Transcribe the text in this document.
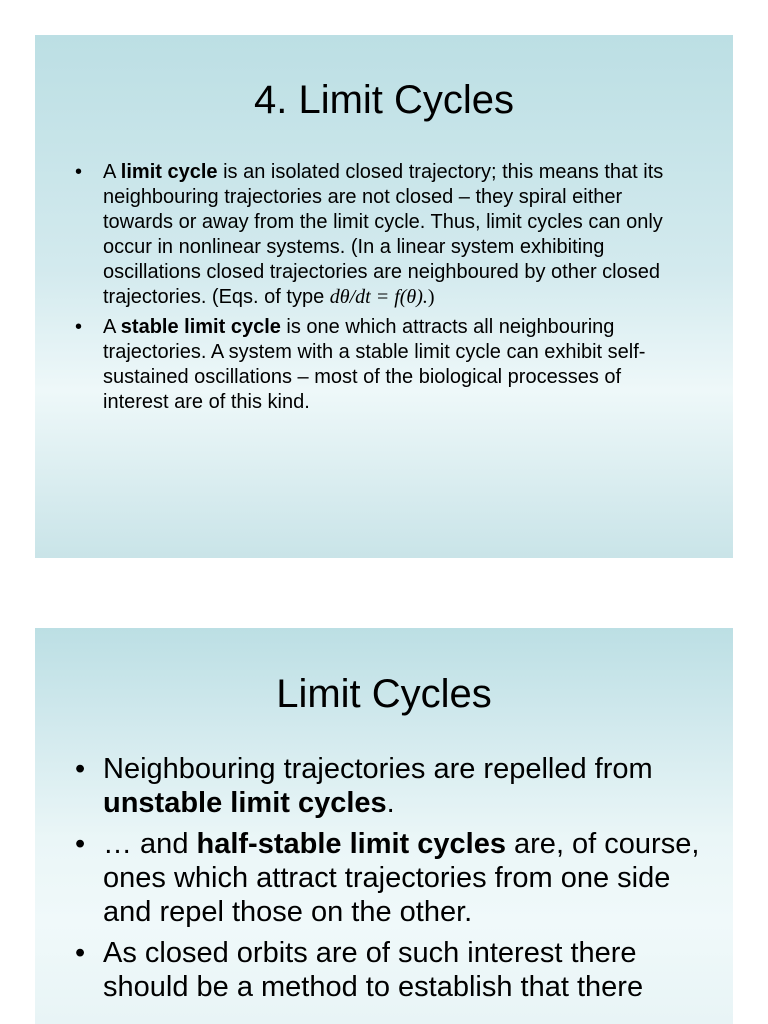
4. Limit Cycles
• A limit cycle is an isolated closed trajectory; this means that its neighbouring trajectories are not closed – they spiral either towards or away from the limit cycle. Thus, limit cycles can only occur in nonlinear systems. (In a linear system exhibiting oscillations closed trajectories are neighboured by other closed trajectories. (Eqs. of type dθ/dt = f(θ).)
• A stable limit cycle is one which attracts all neighbouring trajectories. A system with a stable limit cycle can exhibit self-sustained oscillations – most of the biological processes of interest are of this kind.
Limit Cycles
• Neighbouring trajectories are repelled from unstable limit cycles.
• … and half-stable limit cycles are, of course, ones which attract trajectories from one side and repel those on the other.
• As closed orbits are of such interest there should be a method to establish that there
